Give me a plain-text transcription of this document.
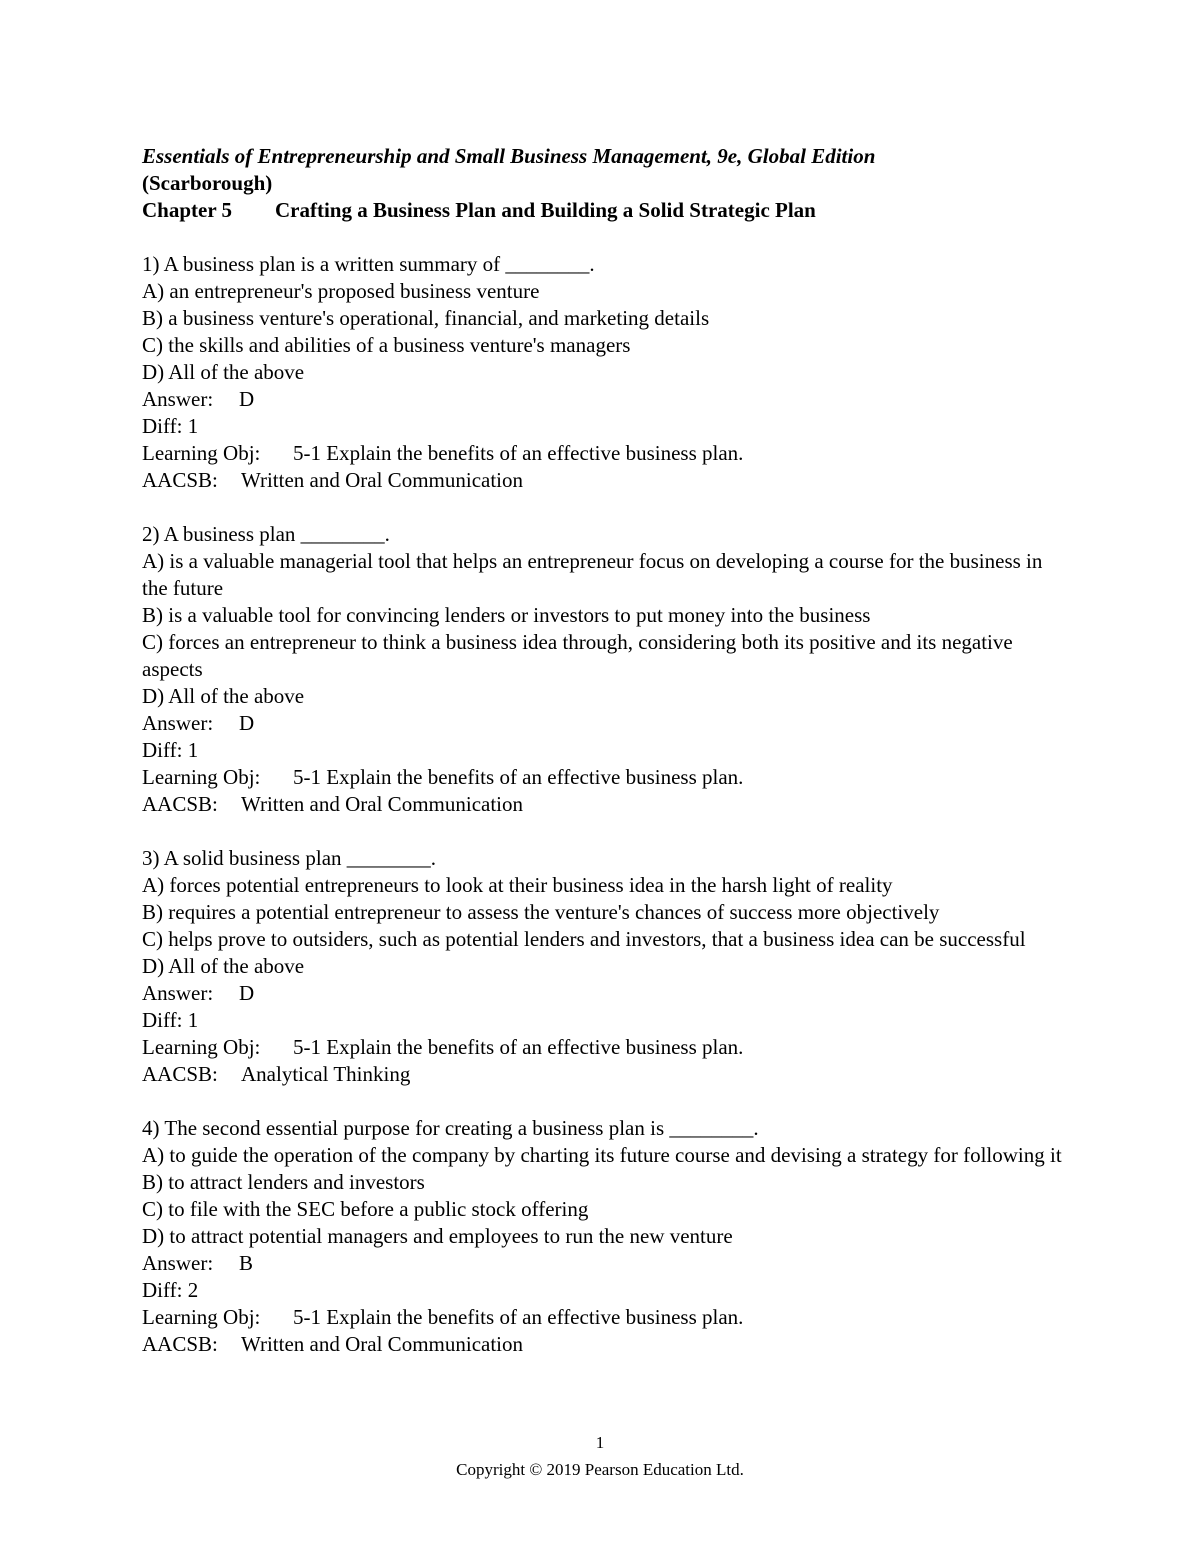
Essentials of Entrepreneurship and Small Business Management, 9e, Global Edition
(Scarborough)
Chapter 5 Crafting a Business Plan and Building a Solid Strategic Plan
1) A business plan is a written summary of ________.
A) an entrepreneur's proposed business venture
B) a business venture's operational, financial, and marketing details
C) the skills and abilities of a business venture's managers
D) All of the above
Answer: D
Diff: 1
Learning Obj: 5-1 Explain the benefits of an effective business plan.
AACSB: Written and Oral Communication
2) A business plan ________.
A) is a valuable managerial tool that helps an entrepreneur focus on developing a course for the business in the future
B) is a valuable tool for convincing lenders or investors to put money into the business
C) forces an entrepreneur to think a business idea through, considering both its positive and its negative aspects
D) All of the above
Answer: D
Diff: 1
Learning Obj: 5-1 Explain the benefits of an effective business plan.
AACSB: Written and Oral Communication
3) A solid business plan ________.
A) forces potential entrepreneurs to look at their business idea in the harsh light of reality
B) requires a potential entrepreneur to assess the venture's chances of success more objectively
C) helps prove to outsiders, such as potential lenders and investors, that a business idea can be successful
D) All of the above
Answer: D
Diff: 1
Learning Obj: 5-1 Explain the benefits of an effective business plan.
AACSB: Analytical Thinking
4) The second essential purpose for creating a business plan is ________.
A) to guide the operation of the company by charting its future course and devising a strategy for following it
B) to attract lenders and investors
C) to file with the SEC before a public stock offering
D) to attract potential managers and employees to run the new venture
Answer: B
Diff: 2
Learning Obj: 5-1 Explain the benefits of an effective business plan.
AACSB: Written and Oral Communication
1
Copyright © 2019 Pearson Education Ltd.
